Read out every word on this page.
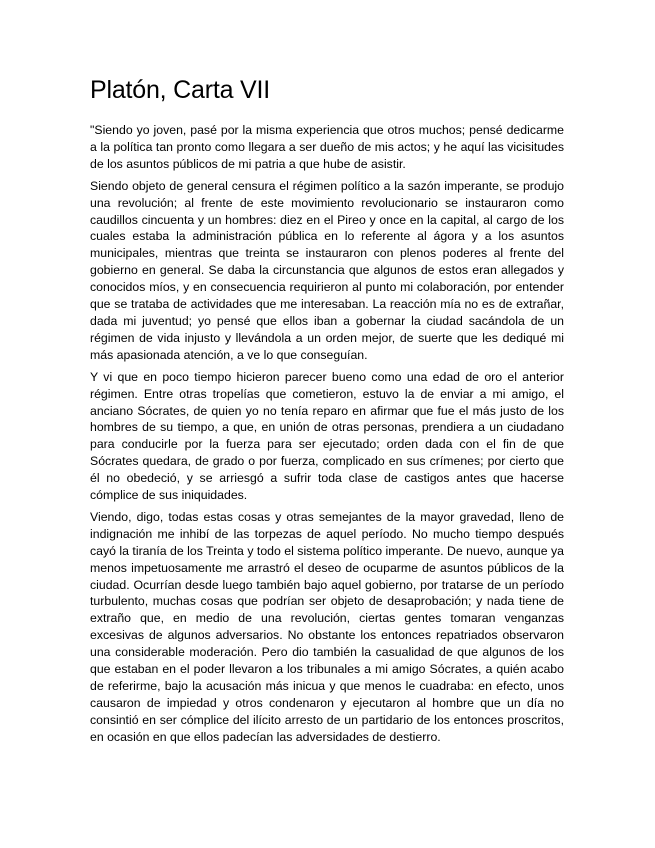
Platón, Carta VII

"Siendo yo joven, pasé por la misma experiencia que otros muchos; pensé dedicarme a la política tan pronto como llegara a ser dueño de mis actos; y he aquí las vicisitudes de los asuntos públicos de mi patria a que hube de asistir.

Siendo objeto de general censura el régimen político a la sazón imperante, se produjo una revolución; al frente de este movimiento revolucionario se instauraron como caudillos cincuenta y un hombres: diez en el Pireo y once en la capital, al cargo de los cuales estaba la administración pública en lo referente al ágora y a los asuntos municipales, mientras que treinta se instauraron con plenos poderes al frente del gobierno en general. Se daba la circunstancia que algunos de estos eran allegados y conocidos míos, y en consecuencia requirieron al punto mi colaboración, por entender que se trataba de actividades que me interesaban. La reacción mía no es de extrañar, dada mi juventud; yo pensé que ellos iban a gobernar la ciudad sacándola de un régimen de vida injusto y llevándola a un orden mejor, de suerte que les dediqué mi más apasionada atención, a ve lo que conseguían.

Y vi que en poco tiempo hicieron parecer bueno como una edad de oro el anterior régimen. Entre otras tropelías que cometieron, estuvo la de enviar a mi amigo, el anciano Sócrates, de quien yo no tenía reparo en afirmar que fue el más justo de los hombres de su tiempo, a que, en unión de otras personas, prendiera a un ciudadano para conducirle por la fuerza para ser ejecutado; orden dada con el fin de que Sócrates quedara, de grado o por fuerza, complicado en sus crímenes; por cierto que él no obedeció, y se arriesgó a sufrir toda clase de castigos antes que hacerse cómplice de sus iniquidades.

Viendo, digo, todas estas cosas y otras semejantes de la mayor gravedad, lleno de indignación me inhibí de las torpezas de aquel período. No mucho tiempo después cayó la tiranía de los Treinta y todo el sistema político imperante. De nuevo, aunque ya menos impetuosamente me arrastró el deseo de ocuparme de asuntos públicos de la ciudad. Ocurrían desde luego también bajo aquel gobierno, por tratarse de un período turbulento, muchas cosas que podrían ser objeto de desaprobación; y nada tiene de extraño que, en medio de una revolución, ciertas gentes tomaran venganzas excesivas de algunos adversarios. No obstante los entonces repatriados observaron una considerable moderación. Pero dio también la casualidad de que algunos de los que estaban en el poder llevaron a los tribunales a mi amigo Sócrates, a quién acabo de referirme, bajo la acusación más inicua y que menos le cuadraba: en efecto, unos causaron de impiedad y otros condenaron y ejecutaron al hombre que un día no consintió en ser cómplice del ilícito arresto de un partidario de los entonces proscritos, en ocasión en que ellos padecían las adversidades de destierro.
